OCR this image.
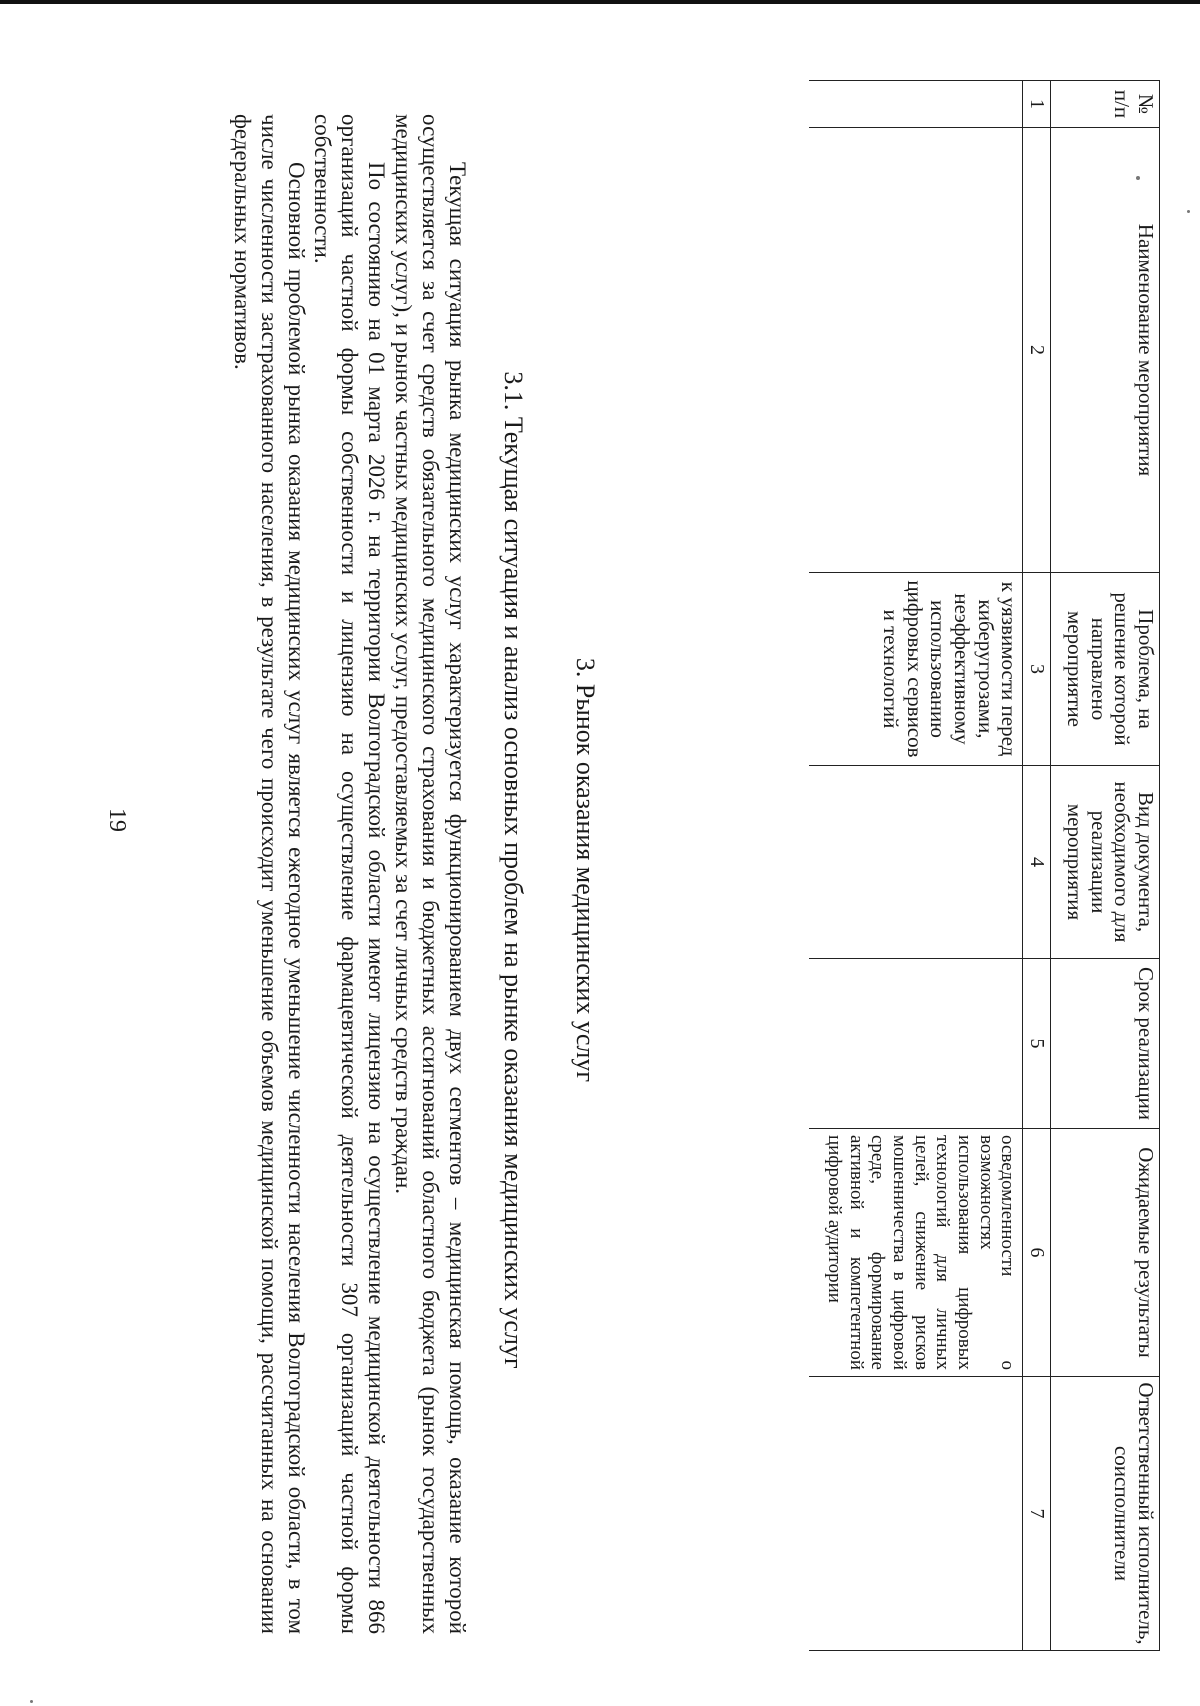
19
№ п/п	Наименование мероприятия	Проблема, на решение которой направлено мероприятие	Вид документа, необходимого для реализации мероприятия	Срок реализации	Ожидаемые результаты	Ответственный исполнитель, соисполнители
1	2	3	4	5	6	7
		к уязвимости перед киберугрозами, неэффективному использованию цифровых сервисов и технологий			осведомленности о возможностях использования цифровых технологий для личных целей, снижение рисков мошенничества в цифровой среде, формирование активной и компетентной цифровой аудитории	
3. Рынок оказания медицинских услуг
3.1. Текущая ситуация и анализ основных проблем на рынке оказания медицинских услуг

Текущая ситуация рынка медицинских услуг характеризуется функционированием двух сегментов – медицинская помощь, оказание которой осуществляется за счет средств обязательного медицинского страхования и бюджетных ассигнований областного бюджета (рынок государственных медицинских услуг), и рынок частных медицинских услуг, предоставляемых за счет личных средств граждан.

По состоянию на 01 марта 2026 г. на территории Волгоградской области имеют лицензию на осуществление медицинской деятельности 866 организаций частной формы собственности и лицензию на осуществление фармацевтической деятельности 307 организаций частной формы собственности.

Основной проблемой рынка оказания медицинских услуг является ежегодное уменьшение численности населения Волгоградской области, в том числе численности застрахованного населения, в результате чего происходит уменьшение объемов медицинской помощи, рассчитанных на основании федеральных нормативов.
